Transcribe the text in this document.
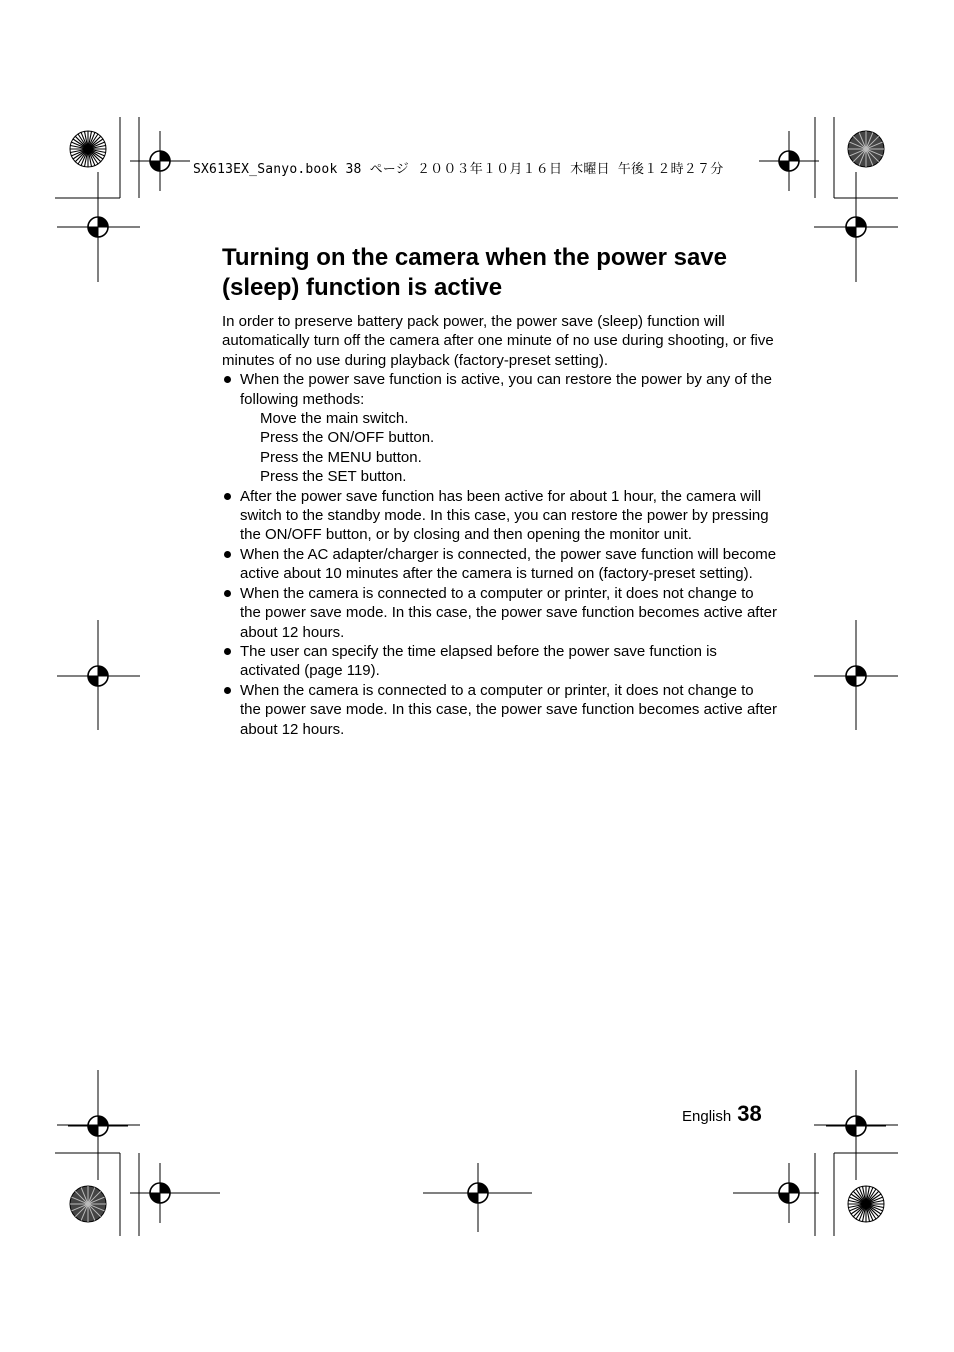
SX613EX_Sanyo.book 38 ページ ２００３年１０月１６日 木曜日 午後１２時２７分
Turning on the camera when the power save
(sleep) function is active

In order to preserve battery pack power, the power save (sleep) function will automatically turn off the camera after one minute of no use during shooting, or five minutes of no use during playback (factory-preset setting).

When the power save function is active, you can restore the power by any of the following methods:
Move the main switch.
Press the ON/OFF button.
Press the MENU button.
Press the SET button.
After the power save function has been active for about 1 hour, the camera will switch to the standby mode. In this case, you can restore the power by pressing the ON/OFF button, or by closing and then opening the monitor unit.
When the AC adapter/charger is connected, the power save function will become active about 10 minutes after the camera is turned on (factory-preset setting).
When the camera is connected to a computer or printer, it does not change to the power save mode. In this case, the power save function becomes active after about 12 hours.
The user can specify the time elapsed before the power save function is activated (page 119).
When the camera is connected to a computer or printer, it does not change to the power save mode. In this case, the power save function becomes active after about 12 hours.
English 38
